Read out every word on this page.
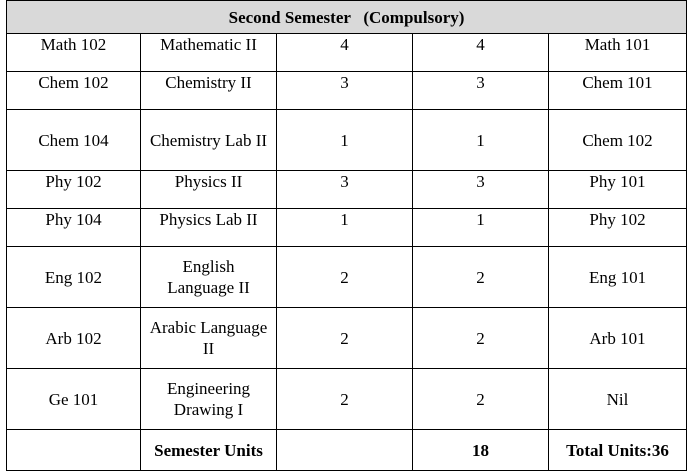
Second Semester   (Compulsory)				
Math 102	Mathematic II	4	4	Math 101
Chem 102	Chemistry II	3	3	Chem 101
Chem 104	Chemistry Lab II	1	1	Chem 102
Phy 102	Physics II	3	3	Phy 101
Phy 104	Physics Lab II	1	1	Phy 102
Eng 102	English Language II	2	2	Eng 101
Arb 102	Arabic Language II	2	2	Arb 101
Ge 101	Engineering Drawing I	2	2	Nil
	Semester Units		18	Total Units:36
